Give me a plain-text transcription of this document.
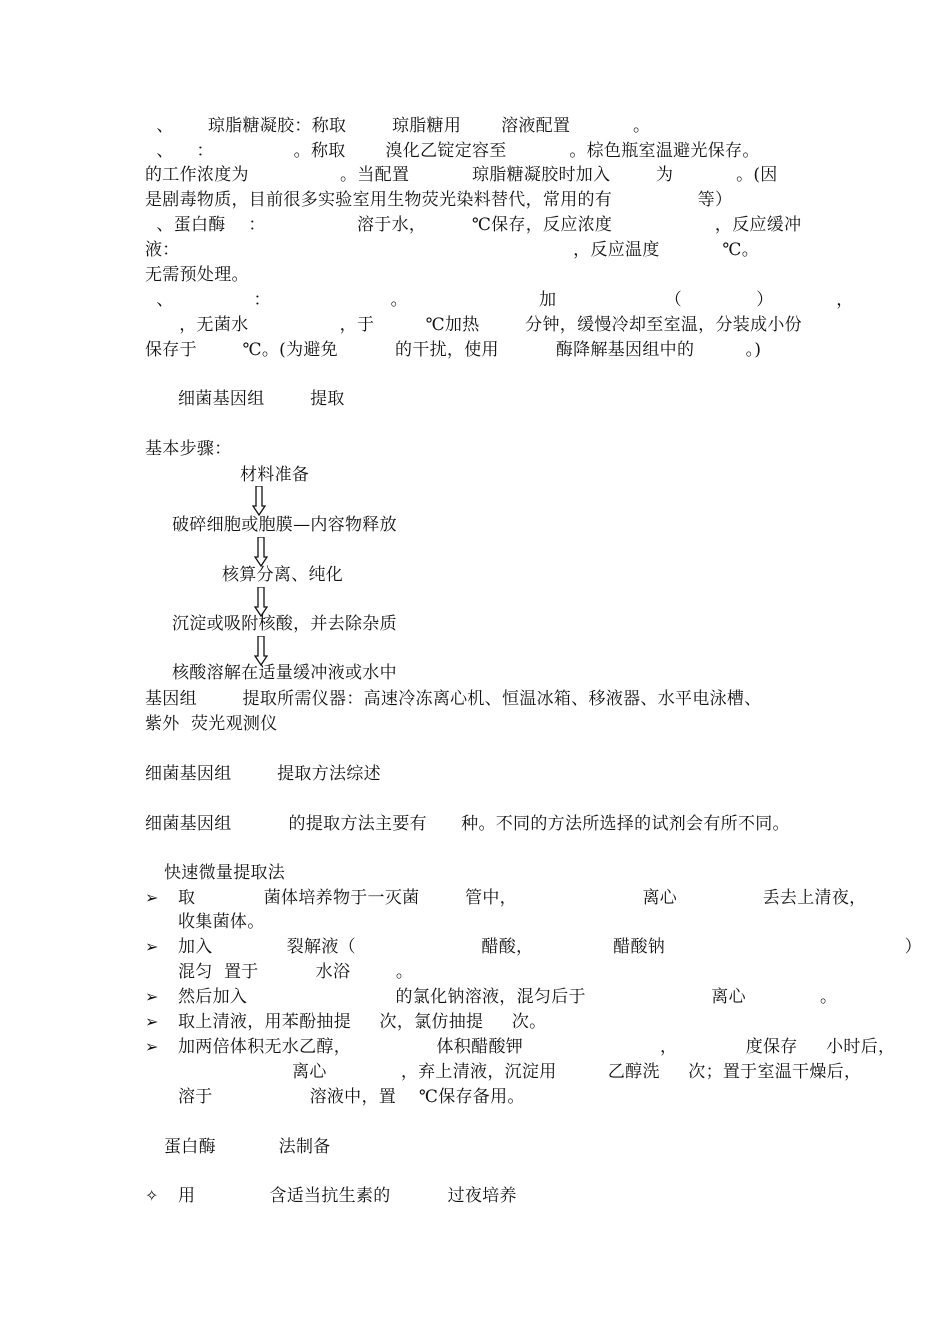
、      琼脂糖凝胶：称取        琼脂糖用       溶液配置           。
、    ：              。称取       溴化乙锭定容至           。棕色瓶室温避光保存。
的工作浓度为                。当配置           琼脂糖凝胶时加入        为           。(因
是剧毒物质，目前很多实验室用生物荧光染料替代，常用的有               等）
、蛋白酶    ：                溶于水，        ℃保存，反应浓度                  ，反应缓冲
液：                                                                     ，反应温度           ℃。
无需预处理。
、              ：                     。                       加                   （             ）           ，
，无菌水                ，于         ℃加热        分钟，缓慢冷却至室温，分装成小份
保存于        ℃。(为避免          的干扰，使用          酶降解基因组中的         。)
细菌基因组        提取
基本步骤：
材料准备
破碎细胞或胞膜—内容物释放
核算分离、纯化
沉淀或吸附核酸，并去除杂质
核酸溶解在适量缓冲液或水中
基因组        提取所需仪器：高速冷冻离心机、恒温冰箱、移液器、水平电泳槽、
紫外  荧光观测仪
细菌基因组        提取方法综述
细菌基因组          的提取方法主要有      种。不同的方法所选择的试剂会有所不同。
快速微量提取法
➢ 取            菌体培养物于一灭菌        管中，                      离心               丢去上清夜，
收集菌体。
➢ 加入             裂解液（                      醋酸，              醋酸钠                                          ）
混匀  置于          水浴        。
➢ 然后加入                          的氯化钠溶液，混匀后于                      离心             。
➢ 取上清液，用苯酚抽提     次，氯仿抽提     次。
➢ 加两倍体积无水乙醇，               体积醋酸钾                        ，            度保存     小时后，
离心             ，弃上清液，沉淀用         乙醇洗     次；置于室温干燥后，
溶于                 溶液中，置    ℃保存备用。
蛋白酶           法制备
✧ 用             含适当抗生素的          过夜培养
